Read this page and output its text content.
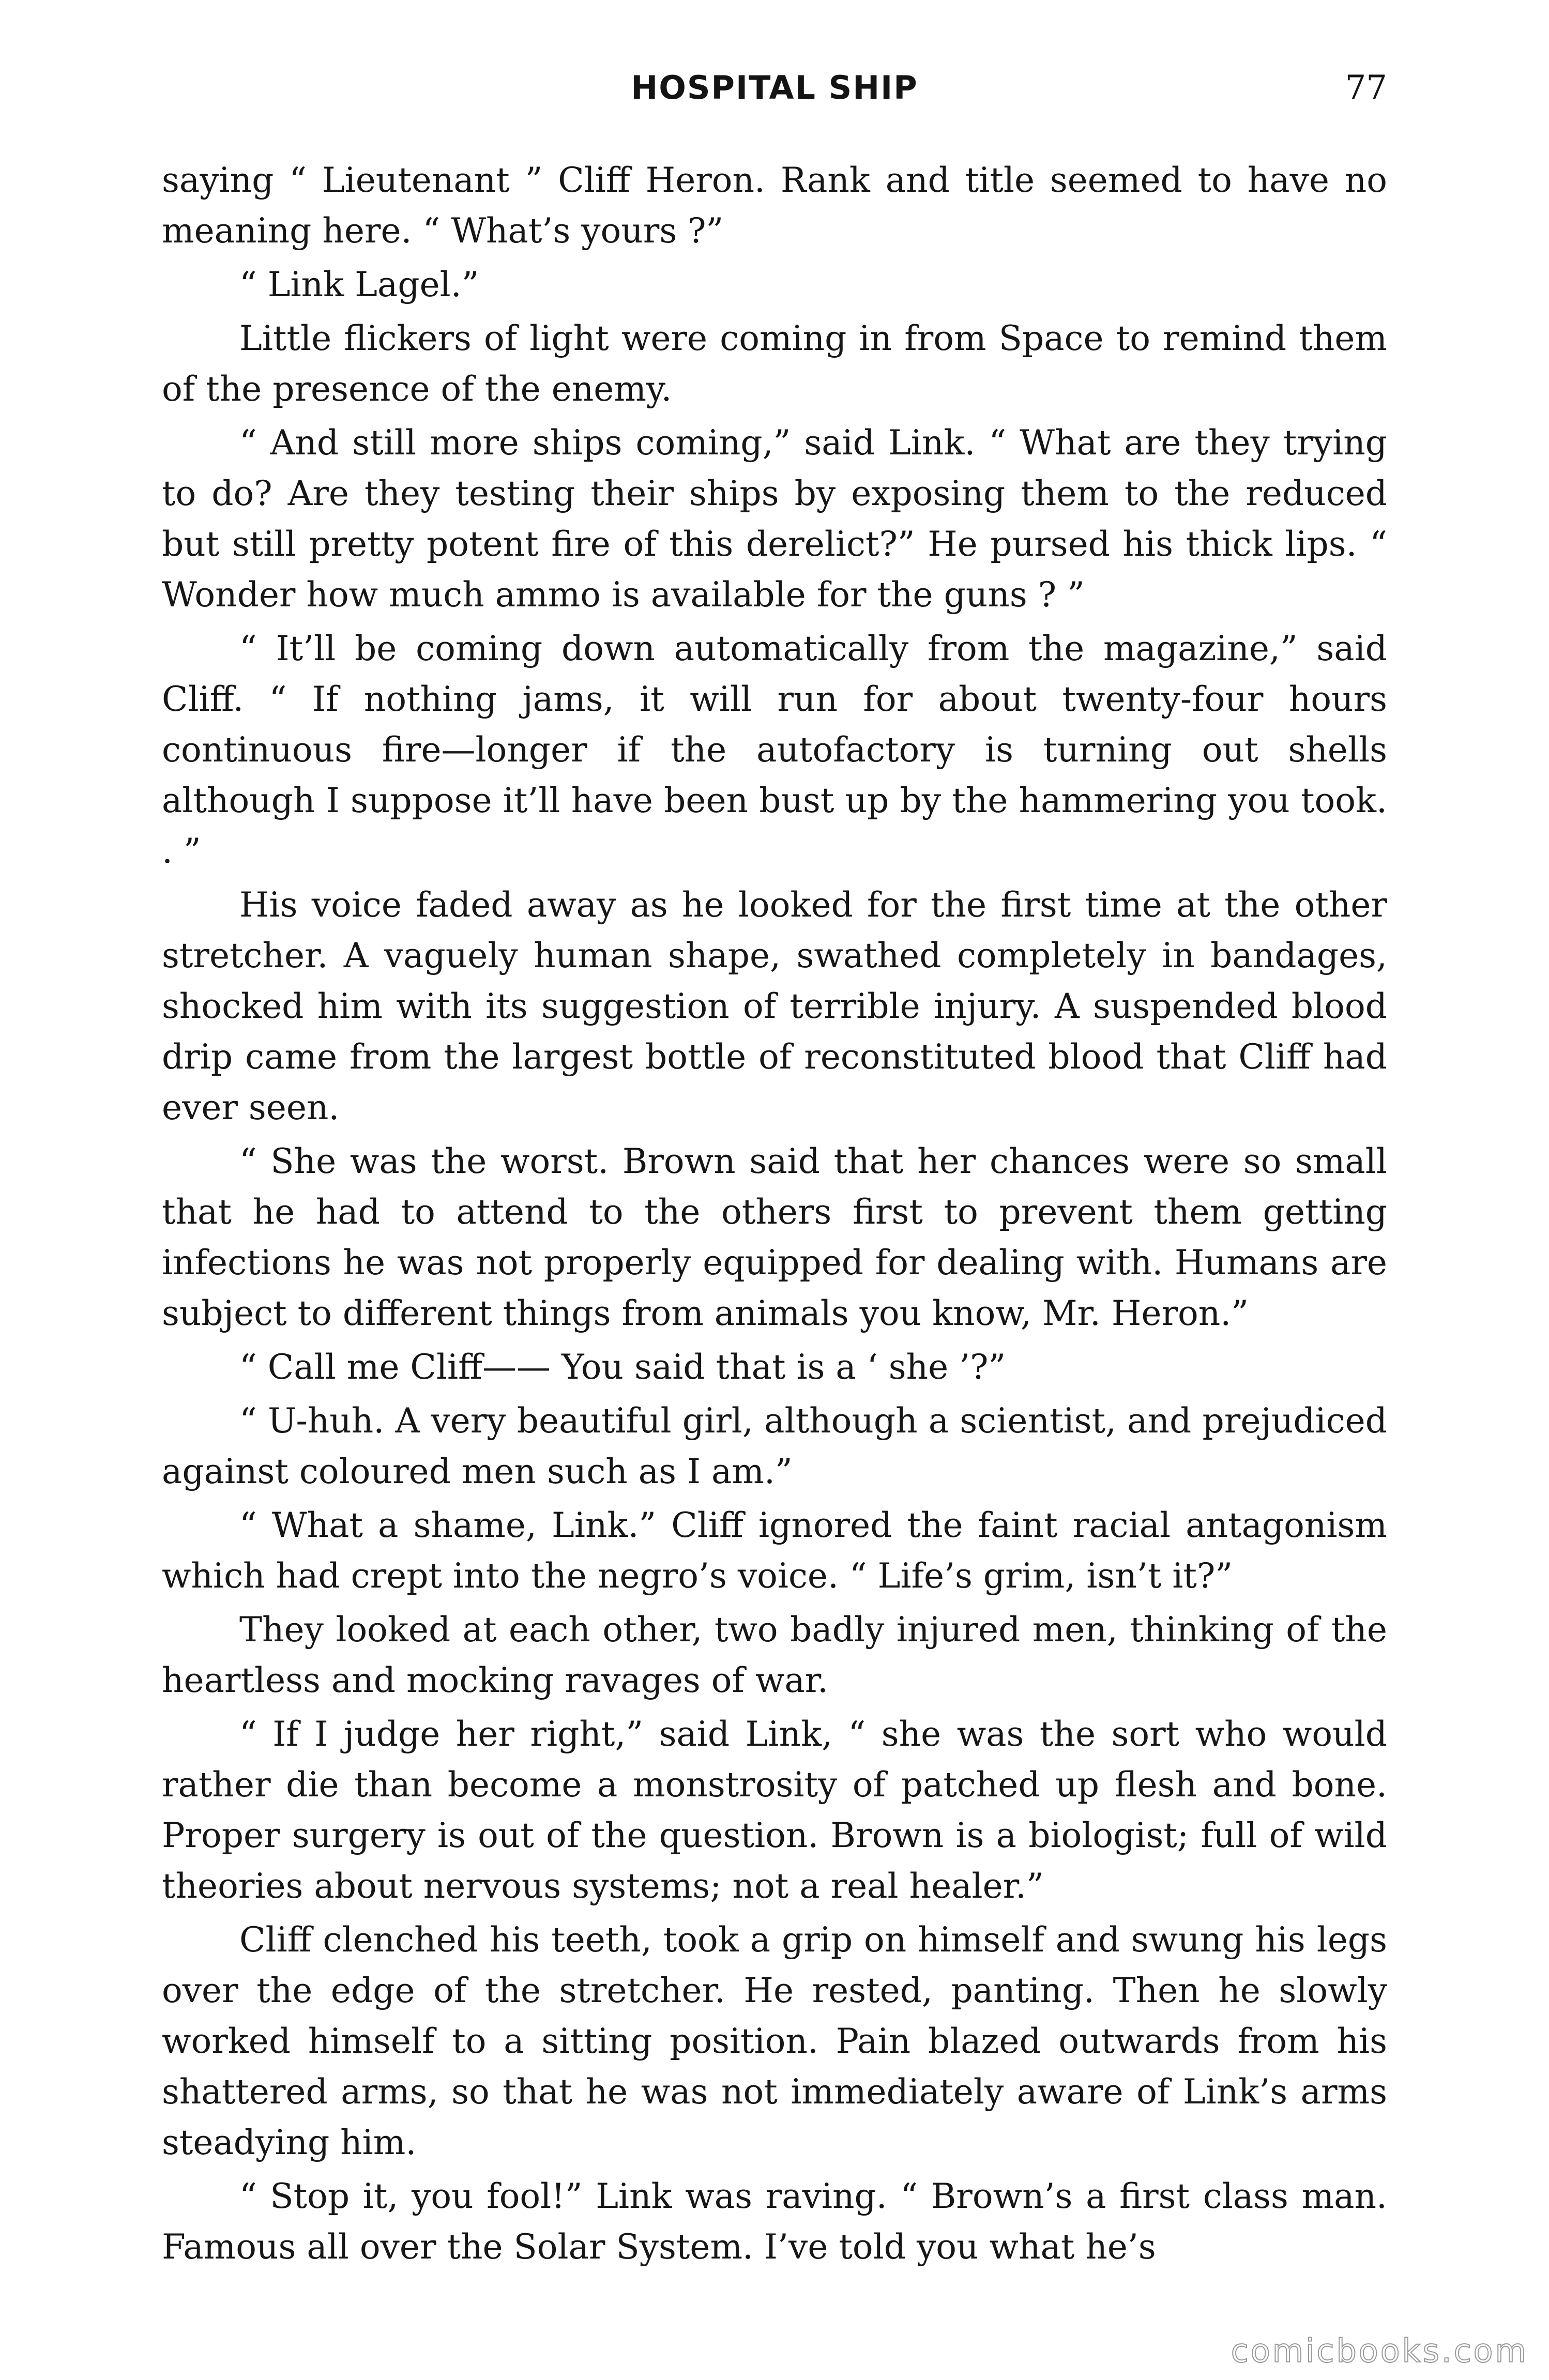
HOSPITAL SHIP	77

saying “ Lieutenant ” Cliff Heron. Rank and title seemed to have no meaning here. “ What’s yours ?”

“ Link Lagel.”

Little flickers of light were coming in from Space to remind them of the presence of the enemy.

“ And still more ships coming,” said Link. “ What are they trying to do? Are they testing their ships by exposing them to the reduced but still pretty potent fire of this derelict?” He pursed his thick lips. “ Wonder how much ammo is available for the guns ? ”

“ It’ll be coming down automatically from the magazine,” said Cliff. “ If nothing jams, it will run for about twenty-four hours continuous fire—longer if the autofactory is turning out shells although I suppose it’ll have been bust up by the hammering you took. . ”

His voice faded away as he looked for the first time at the other stretcher. A vaguely human shape, swathed completely in bandages, shocked him with its suggestion of terrible injury. A suspended blood drip came from the largest bottle of reconstituted blood that Cliff had ever seen.

“ She was the worst. Brown said that her chances were so small that he had to attend to the others first to prevent them getting infections he was not properly equipped for dealing with. Humans are subject to different things from animals you know, Mr. Heron.”

“ Call me Cliff—— You said that is a ‘ she ’?”

“ U-huh. A very beautiful girl, although a scientist, and prejudiced against coloured men such as I am.”

“ What a shame, Link.” Cliff ignored the faint racial antagonism which had crept into the negro’s voice. “ Life’s grim, isn’t it?”

They looked at each other, two badly injured men, thinking of the heartless and mocking ravages of war.

“ If I judge her right,” said Link, “ she was the sort who would rather die than become a monstrosity of patched up flesh and bone. Proper surgery is out of the question. Brown is a biologist; full of wild theories about nervous systems; not a real healer.”

Cliff clenched his teeth, took a grip on himself and swung his legs over the edge of the stretcher. He rested, panting. Then he slowly worked himself to a sitting position. Pain blazed outwards from his shattered arms, so that he was not immediately aware of Link’s arms steadying him.

“ Stop it, you fool!” Link was raving. “ Brown’s a first class man. Famous all over the Solar System. I’ve told you what he’s

comicbooks.com
